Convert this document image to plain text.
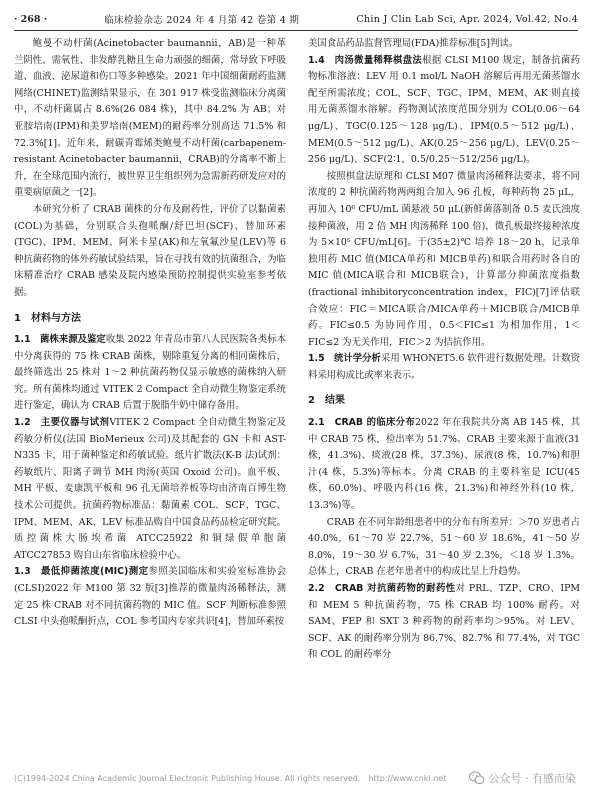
· 268 ·	临床检验杂志 2024 年 4 月第 42 卷第 4 期	Chin J Clin Lab Sci, Apr. 2024, Vol.42, No.4

鲍曼不动杆菌(Acinetobacter baumannii，AB)是一种革兰阴性、需氧性、非发酵乳糖且生命力顽强的细菌，常导致下呼吸道、血液、泌尿道和伤口等多种感染。2021 年中国细菌耐药监测网络(CHINET)监测结果显示，在 301 917 株受监测临床分离菌中，不动杆菌属占 8.6%(26 084 株)，其中 84.2% 为 AB；对亚胺培南(IPM)和美罗培南(MEM)的耐药率分别高达 71.5% 和 72.3%[1]。近年来，耐碳青霉烯类鲍曼不动杆菌(carbapenem-resistant Acinetobacter baumannii，CRAB)的分离率不断上升，在全球范围内流行，被世界卫生组织列为急需新药研发应对的重要病原菌之一[2]。

本研究分析了 CRAB 菌株的分布及耐药性，评价了以黏菌素(COL)为基础，分别联合头孢哌酮/舒巴坦(SCF)、替加环素(TGC)、IPM、MEM、阿米卡星(AK)和左氧氟沙星(LEV)等 6 种抗菌药物的体外药敏试验结果，旨在寻找有效的抗菌组合，为临床精准治疗 CRAB 感染及院内感染预防控制提供实验室参考依据。

1　材料与方法

1.1　菌株来源及鉴定收集 2022 年青岛市第八人民医院各类标本中分离获得的 75 株 CRAB 菌株，剔除重复分离的相同菌株后，最终筛选出 25 株对 1～2 种抗菌药物仅显示敏感的菌株纳入研究。所有菌株均通过 VITEK 2 Compact 全自动微生物鉴定系统进行鉴定，确认为 CRAB 后置于脱脂牛奶中储存备用。

1.2　主要仪器与试剂VITEK 2 Compact 全自动微生物鉴定及药敏分析仪(法国 BioMerieux 公司)及其配套的 GN 卡和 AST-N335 卡，用于菌种鉴定和药敏试验。纸片扩散法(K-B 法)试剂：药敏纸片、阳离子调节 MH 肉汤(英国 Oxoid 公司)。血平板、MH 平板、麦康凯平板和 96 孔无菌培养板等均由济南百博生物技术公司提供。抗菌药物标准品：黏菌素 COL、SCF、TGC、IPM、MEM、AK、LEV 标准品购自中国食品药品检定研究院。质控菌株大肠埃希菌 ATCC25922 和铜绿假单胞菌 ATCC27853 购自山东省临床检验中心。

1.3　最低抑菌浓度(MIC)测定参照美国临床和实验室标准协会(CLSI)2022 年 M100 第 32 版[3]推荐的微量肉汤稀释法，测定 25 株 CRAB 对不同抗菌药物的 MIC 值。SCF 判断标准参照 CLSI 中头孢哌酮折点，COL 参考国内专家共识[4]，替加环素按

美国食品药品监督管理局(FDA)推荐标准[5]判读。

1.4　肉汤微量稀释棋盘法根据 CLSI M100 规定，制备抗菌药物标准溶液：LEV 用 0.1 mol/L NaOH 溶解后再用无菌蒸馏水配至所需浓度；COL、SCF、TGC、IPM、MEM、AK 则直接用无菌蒸馏水溶解。药物测试浓度范围分别为 COL(0.06～64 μg/L)、TGC(0.125～128 μg/L)、IPM(0.5～512 μg/L)、MEM(0.5～512 μg/L)、AK(0.25～256 μg/L)、LEV(0.25～256 μg/L)、SCF(2∶1，0.5/0.25～512/256 μg/L)。

按照棋盘法原理和 CLSI M07 微量肉汤稀释法要求，将不同浓度的 2 种抗菌药物两两组合加入 96 孔板，每种药物 25 μL，再加入 10⁶ CFU/mL 菌悬液 50 μL(新鲜菌落制备 0.5 麦氏浊度接种菌液，用 2 倍 MH 肉汤稀释 100 倍)，微孔板最终接种浓度为 5×10⁵ CFU/mL[6]。于(35±2)℃ 培养 18～20 h，记录单独用药 MIC 值(MICA单药和 MICB单药)和联合用药时各自的 MIC 值(MICA联合和 MICB联合)，计算部分抑菌浓度指数(fractional inhibitoryconcentration index，FIC)[7]评估联合效应：FIC＝MICA联合/MICA单药＋MICB联合/MICB单药。FIC≤0.5 为协同作用，0.5＜FIC≤1 为相加作用，1＜FIC≤2 为无关作用，FIC＞2 为拮抗作用。

1.5　统计学分析采用 WHONET5.6 软件进行数据处理。计数资料采用构成比或率来表示。

2　结果

2.1　CRAB 的临床分布2022 年在我院共分离 AB 145 株，其中 CRAB 75 株，检出率为 51.7%。CRAB 主要来源于血液(31 株，41.3%)、痰液(28 株，37.3%)、尿液(8 株，10.7%)和胆汁(4 株，5.3%)等标本。分离 CRAB 的主要科室是 ICU(45 株，60.0%)、呼吸内科(16 株，21.3%)和神经外科(10 株，13.3%)等。

CRAB 在不同年龄组患者中的分布有所差异：＞70 岁患者占 40.0%，61～70 岁 22.7%，51～60 岁 18.6%，41～50 岁 8.0%，19～30 岁 6.7%，31～40 岁 2.3%，＜18 岁 1.3%。总体上，CRAB 在老年患者中的构成比呈上升趋势。

2.2　CRAB 对抗菌药物的耐药性对 PRL、TZP、CRO、IPM 和 MEM 5 种抗菌药物，75 株 CRAB 均 100% 耐药。对 SAM、FEP 和 SXT 3 种药物的耐药率均＞95%。对 LEV、SCF、AK 的耐药率分别为 86.7%、82.7% 和 77.4%，对 TGC 和 COL 的耐药率分

(C)1994-2024 China Academic Journal Electronic Publishing House. All rights reserved.　http://www.cnki.net	公众号 · 有感而染
